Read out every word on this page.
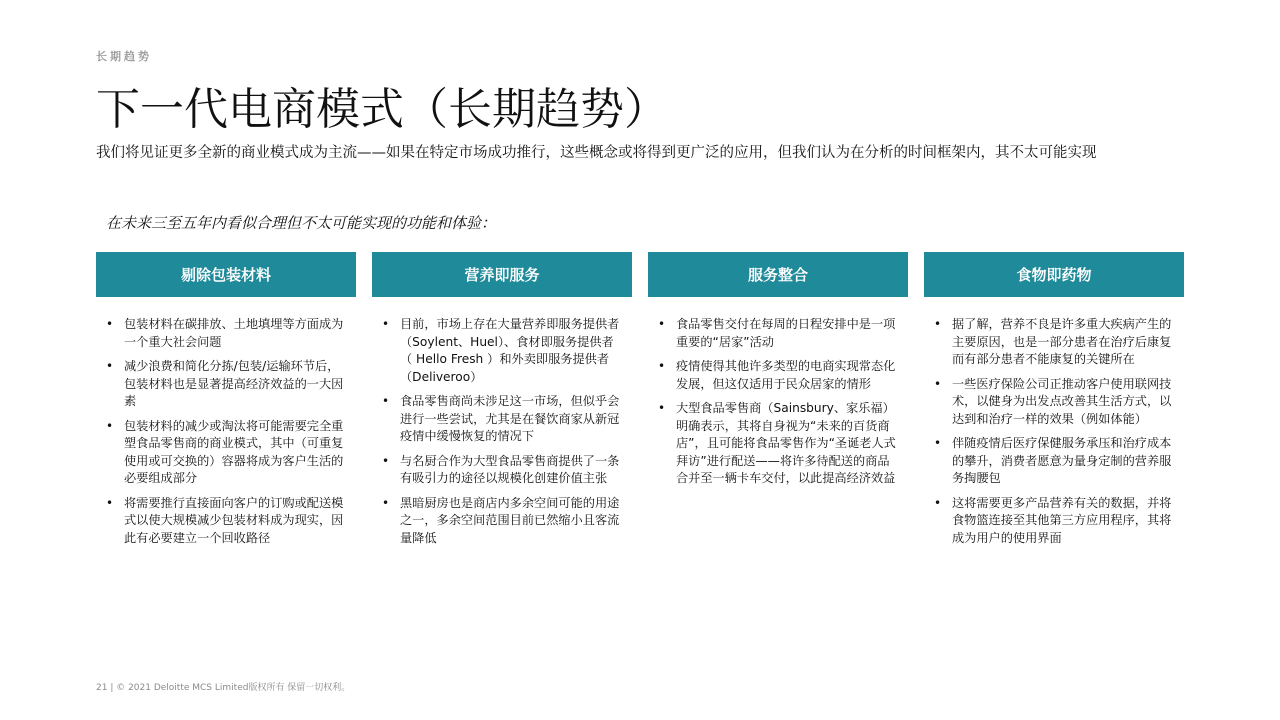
长期趋势
下一代电商模式（长期趋势）
我们将见证更多全新的商业模式成为主流——如果在特定市场成功推行，这些概念或将得到更广泛的应用，但我们认为在分析的时间框架内，其不太可能实现
在未来三至五年内看似合理但不太可能实现的功能和体验：
剔除包装材料
• 包装材料在碳排放、土地填埋等方面成为一个重大社会问题
• 减少浪费和简化分拣/包装/运输环节后，包装材料也是显著提高经济效益的一大因素
• 包装材料的减少或淘汰将可能需要完全重塑食品零售商的商业模式，其中（可重复使用或可交换的）容器将成为客户生活的必要组成部分
• 将需要推行直接面向客户的订购或配送模式以使大规模减少包装材料成为现实，因此有必要建立一个回收路径
营养即服务
• 目前，市场上存在大量营养即服务提供者（Soylent、Huel）、食材即服务提供者（ Hello Fresh ）和外卖即服务提供者（Deliveroo）
• 食品零售商尚未涉足这一市场，但似乎会进行一些尝试，尤其是在餐饮商家从新冠疫情中缓慢恢复的情况下
• 与名厨合作为大型食品零售商提供了一条有吸引力的途径以规模化创建价值主张
• 黑暗厨房也是商店内多余空间可能的用途之一，多余空间范围目前已然缩小且客流量降低
服务整合
• 食品零售交付在每周的日程安排中是一项重要的“居家”活动
• 疫情使得其他许多类型的电商实现常态化发展，但这仅适用于民众居家的情形
• 大型食品零售商（Sainsbury、家乐福）明确表示，其将自身视为“未来的百货商店”，且可能将食品零售作为“圣诞老人式拜访”进行配送——将许多待配送的商品合并至一辆卡车交付，以此提高经济效益
食物即药物
• 据了解，营养不良是许多重大疾病产生的主要原因，也是一部分患者在治疗后康复而有部分患者不能康复的关键所在
• 一些医疗保险公司正推动客户使用联网技术，以健身为出发点改善其生活方式，以达到和治疗一样的效果（例如体能）
• 伴随疫情后医疗保健服务承压和治疗成本的攀升，消费者愿意为量身定制的营养服务掏腰包
• 这将需要更多产品营养有关的数据，并将食物篮连接至其他第三方应用程序，其将成为用户的使用界面
21 | © 2021 Deloitte MCS Limited版权所有 保留一切权利。
